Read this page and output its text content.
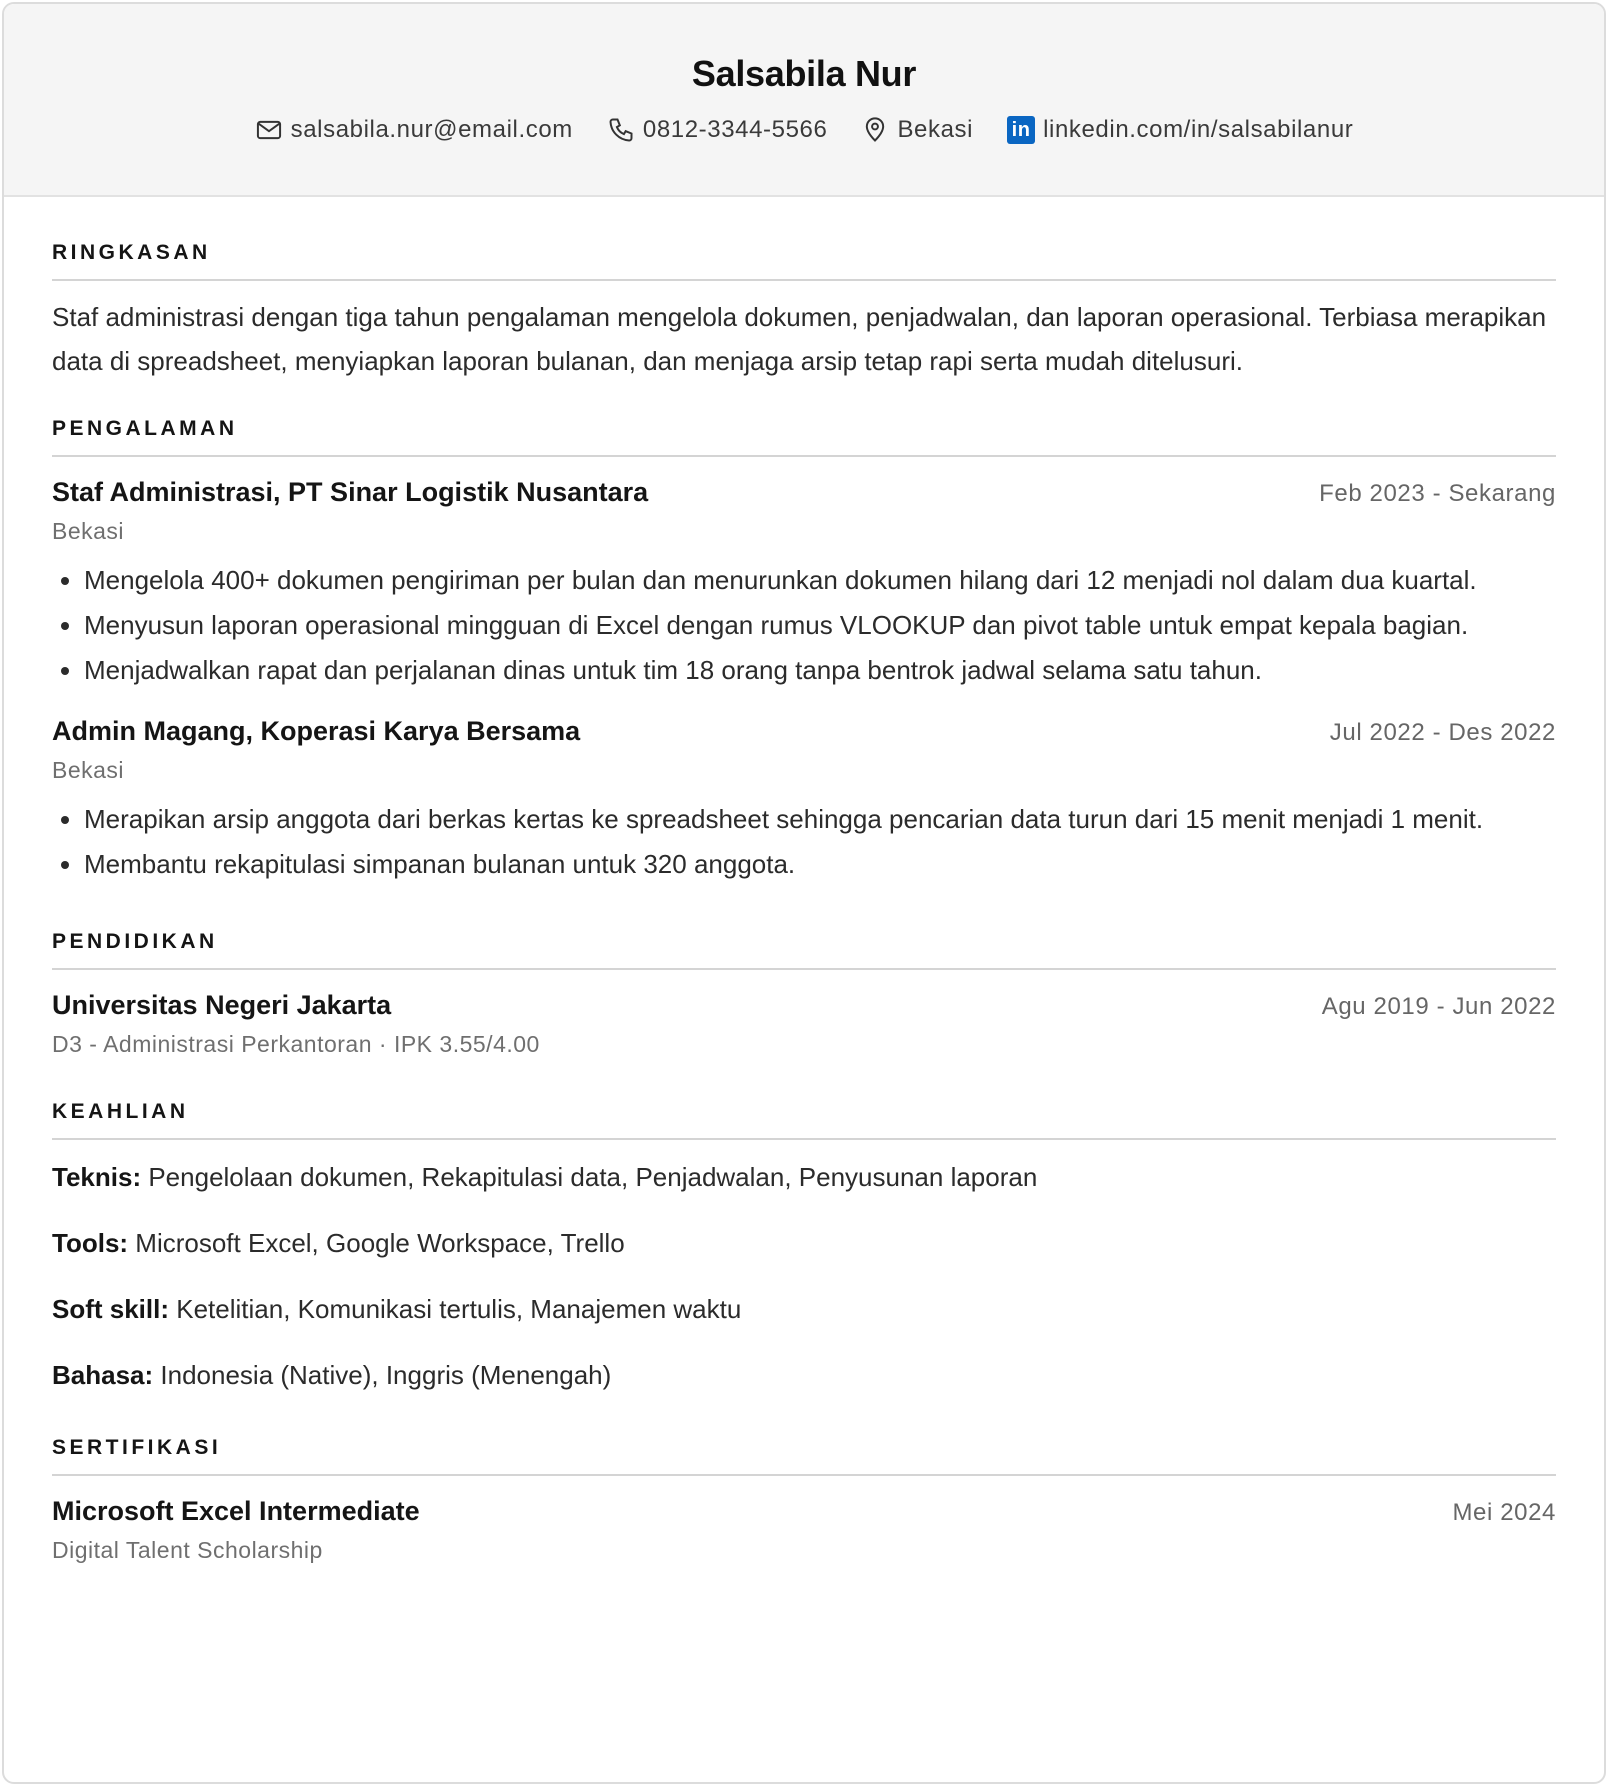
Salsabila Nur
salsabila.nur@email.com	0812-3344-5566	Bekasi in linkedin.com/in/salsabilanur
RINGKASAN
Staf administrasi dengan tiga tahun pengalaman mengelola dokumen, penjadwalan, dan laporan operasional. Terbiasa merapikan data di spreadsheet, menyiapkan laporan bulanan, dan menjaga arsip tetap rapi serta mudah ditelusuri.
PENGALAMAN
Staf Administrasi, PT Sinar Logistik Nusantara	Feb 2023 - Sekarang
Bekasi
• Mengelola 400+ dokumen pengiriman per bulan dan menurunkan dokumen hilang dari 12 menjadi nol dalam dua kuartal.
• Menyusun laporan operasional mingguan di Excel dengan rumus VLOOKUP dan pivot table untuk empat kepala bagian.
• Menjadwalkan rapat dan perjalanan dinas untuk tim 18 orang tanpa bentrok jadwal selama satu tahun.
Admin Magang, Koperasi Karya Bersama	Jul 2022 - Des 2022
Bekasi
• Merapikan arsip anggota dari berkas kertas ke spreadsheet sehingga pencarian data turun dari 15 menit menjadi 1 menit.
• Membantu rekapitulasi simpanan bulanan untuk 320 anggota.
PENDIDIKAN
Universitas Negeri Jakarta	Agu 2019 - Jun 2022
D3 - Administrasi Perkantoran · IPK 3.55/4.00
KEAHLIAN
Teknis: Pengelolaan dokumen, Rekapitulasi data, Penjadwalan, Penyusunan laporan
Tools: Microsoft Excel, Google Workspace, Trello
Soft skill: Ketelitian, Komunikasi tertulis, Manajemen waktu
Bahasa: Indonesia (Native), Inggris (Menengah)
SERTIFIKASI
Microsoft Excel Intermediate	Mei 2024
Digital Talent Scholarship
